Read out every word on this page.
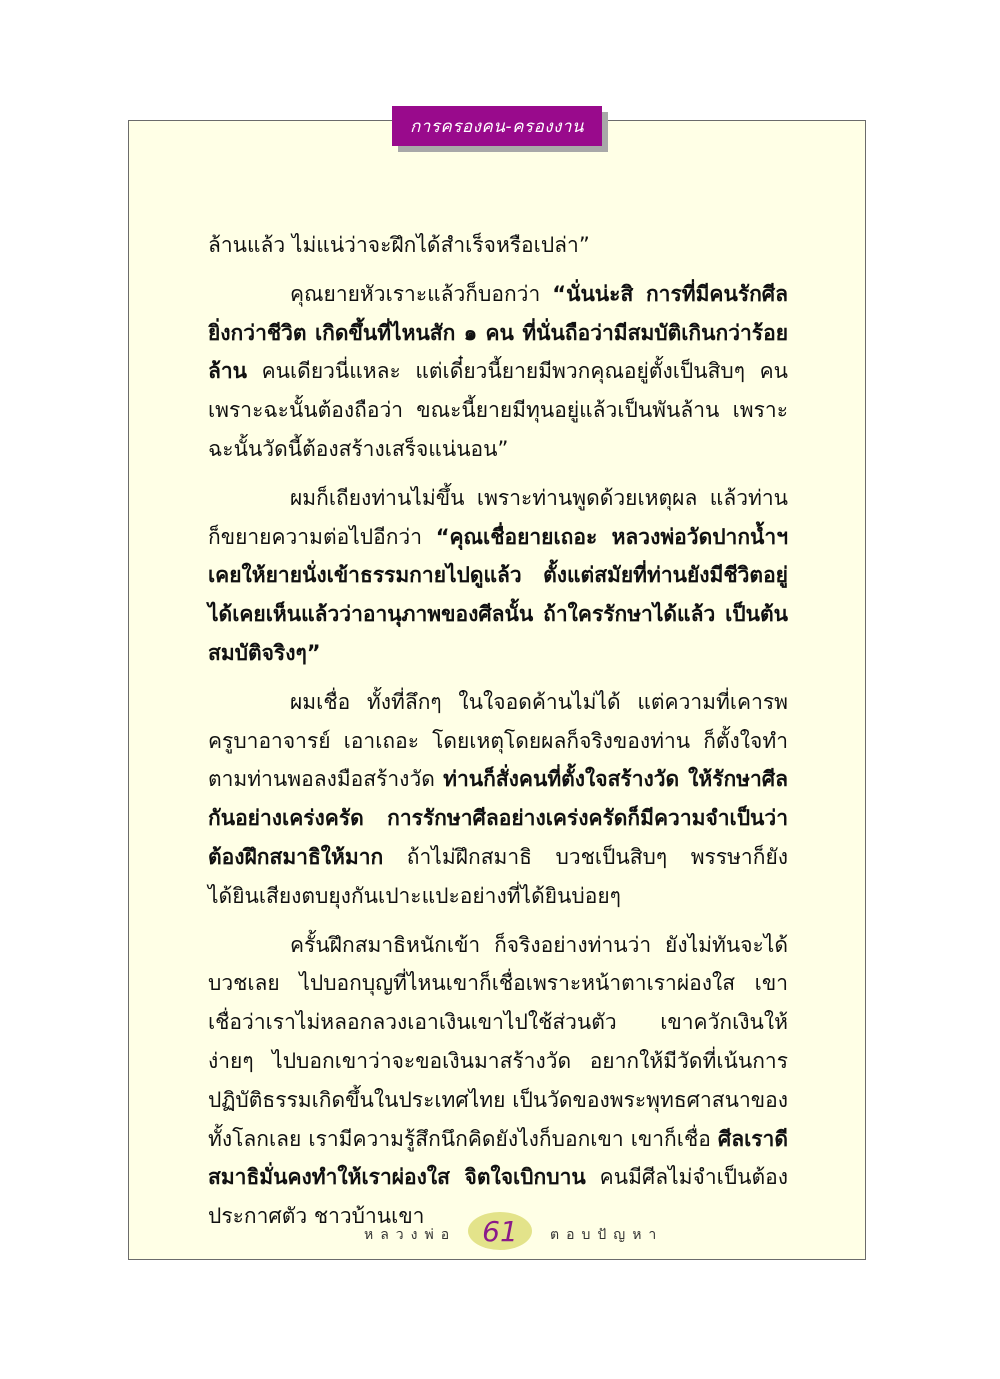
การครองคน-ครองงาน

ล้านแล้ว ไม่แน่ว่าจะฝึกได้สำเร็จหรือเปล่า”

คุณยายหัวเราะแล้วก็บอกว่า “นั่นน่ะสิ การที่มีคนรักศีลยิ่งกว่าชีวิต เกิดขึ้นที่ไหนสัก ๑ คน ที่นั่นถือว่ามีสมบัติเกินกว่าร้อยล้าน คนเดียวนี่แหละ แต่เดี๋ยวนี้ยายมีพวกคุณอยู่ตั้งเป็นสิบๆ คน เพราะฉะนั้นต้องถือว่า ขณะนี้ยายมีทุนอยู่แล้วเป็นพันล้าน เพราะฉะนั้นวัดนี้ต้องสร้างเสร็จแน่นอน”

ผมก็เถียงท่านไม่ขึ้น เพราะท่านพูดด้วยเหตุผล แล้วท่านก็ขยายความต่อไปอีกว่า “คุณเชื่อยายเถอะ หลวงพ่อวัดปากน้ำฯ เคยให้ยายนั่งเข้าธรรมกายไปดูแล้ว ตั้งแต่สมัยที่ท่านยังมีชีวิตอยู่ ได้เคยเห็นแล้วว่าอานุภาพของศีลนั้น ถ้าใครรักษาได้แล้ว เป็นต้นสมบัติจริงๆ”

ผมเชื่อ ทั้งที่ลึกๆ ในใจอดค้านไม่ได้ แต่ความที่เคารพครูบาอาจารย์ เอาเถอะ โดยเหตุโดยผลก็จริงของท่าน ก็ตั้งใจทำตามท่านพอลงมือสร้างวัด ท่านก็สั่งคนที่ตั้งใจสร้างวัด ให้รักษาศีลกันอย่างเคร่งครัด การรักษาศีลอย่างเคร่งครัดก็มีความจำเป็นว่าต้องฝึกสมาธิให้มาก ถ้าไม่ฝึกสมาธิ บวชเป็นสิบๆ พรรษาก็ยังได้ยินเสียงตบยุงกันเปาะแปะอย่างที่ได้ยินบ่อยๆ

ครั้นฝึกสมาธิหนักเข้า ก็จริงอย่างท่านว่า ยังไม่ทันจะได้บวชเลย ไปบอกบุญที่ไหนเขาก็เชื่อเพราะหน้าตาเราผ่องใส เขาเชื่อว่าเราไม่หลอกลวงเอาเงินเขาไปใช้ส่วนตัว เขาควักเงินให้ง่ายๆ ไปบอกเขาว่าจะขอเงินมาสร้างวัด อยากให้มีวัดที่เน้นการปฏิบัติธรรมเกิดขึ้นในประเทศไทย เป็นวัดของพระพุทธศาสนาของทั้งโลกเลย เรามีความรู้สึกนึกคิดยังไงก็บอกเขา เขาก็เชื่อ ศีลเราดี สมาธิมั่นคงทำให้เราผ่องใส จิตใจเบิกบาน คนมีศีลไม่จำเป็นต้องประกาศตัว ชาวบ้านเขา

หลวงพ่อ 61	ตอบปัญหา
